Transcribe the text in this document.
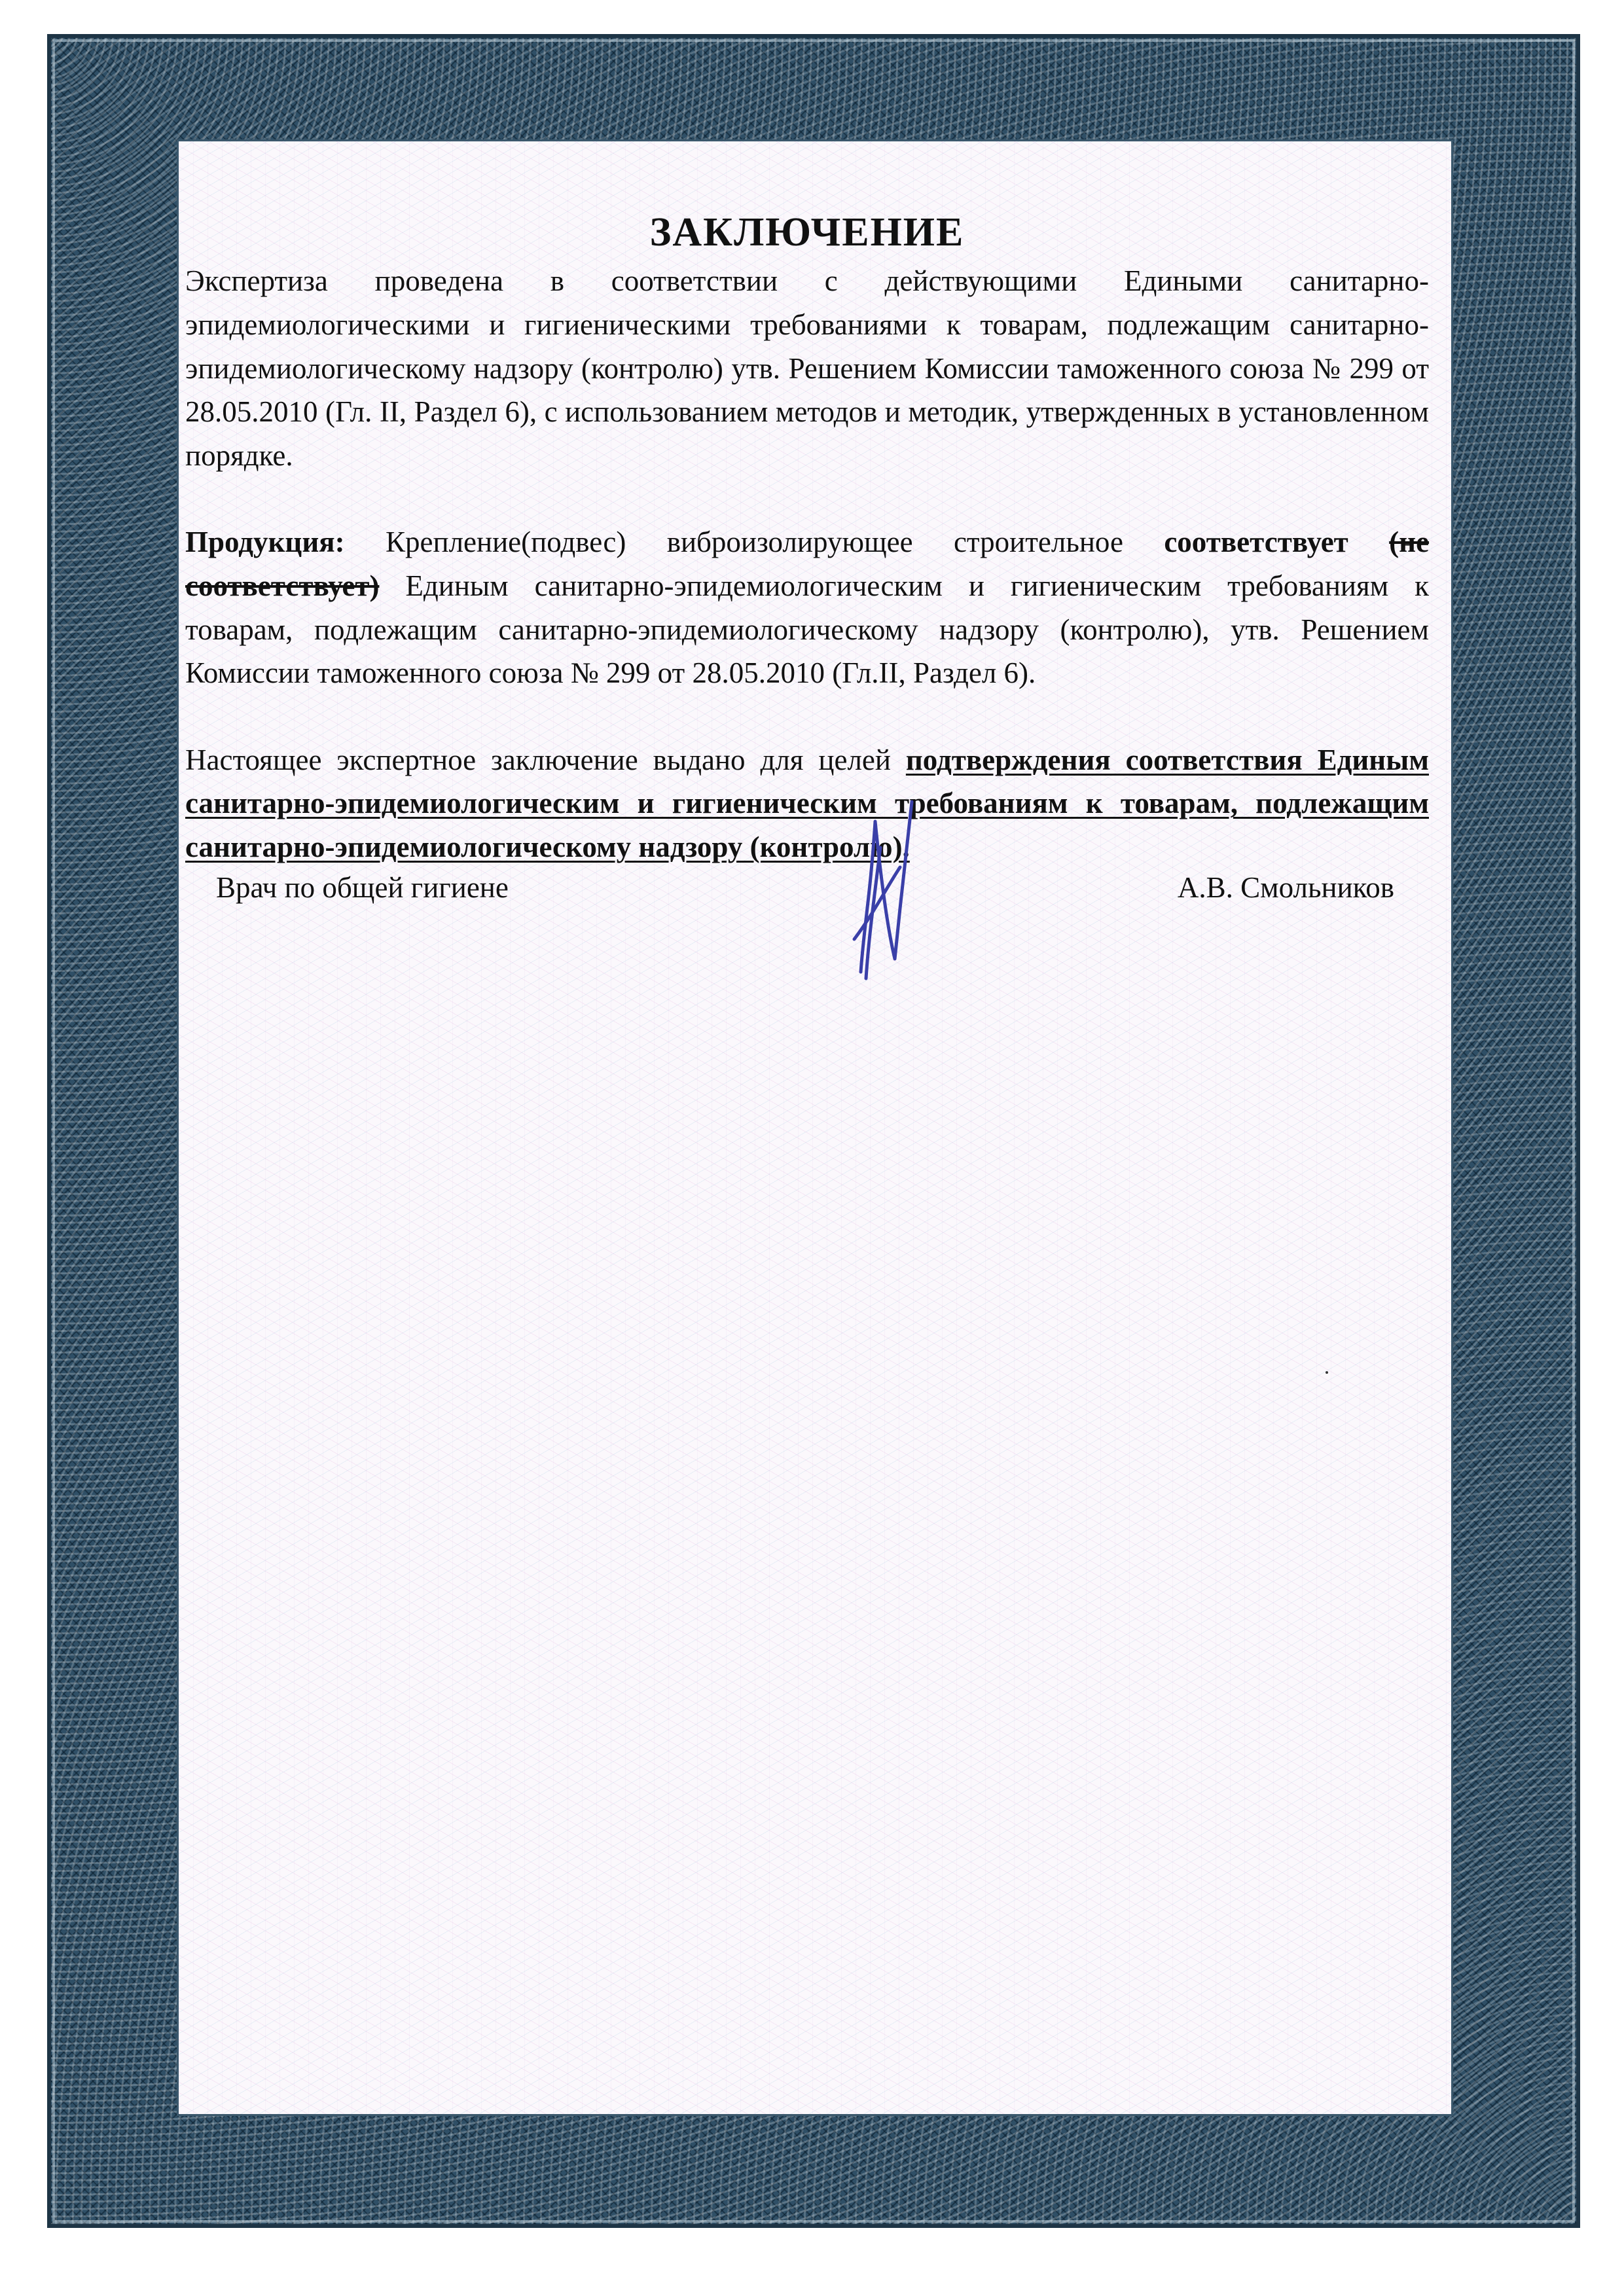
ЗАКЛЮЧЕНИЕ

Экспертиза проведена в соответствии с действующими Едиными санитарно-эпидемиологическими и гигиеническими требованиями к товарам, подлежащим санитарно-эпидемиологическому надзору (контролю) утв. Решением Комиссии таможенного союза № 299 от 28.05.2010 (Гл. II, Раздел 6), с использованием методов и методик, утвержденных в установленном порядке.

Продукция: Крепление(подвес) виброизолирующее строительное соответствует (не соответствует) Единым санитарно-эпидемиологическим и гигиеническим требованиям к товарам, подлежащим санитарно-эпидемиологическому надзору (контролю), утв. Решением Комиссии таможенного союза № 299 от 28.05.2010 (Гл.II, Раздел 6).

Настоящее экспертное заключение выдано для целей подтверждения соответствия Единым санитарно-эпидемиологическим и гигиеническим требованиям к товарам, подлежащим санитарно-эпидемиологическому надзору (контролю).

Врач по общей гигиене	А.В. Смольников
